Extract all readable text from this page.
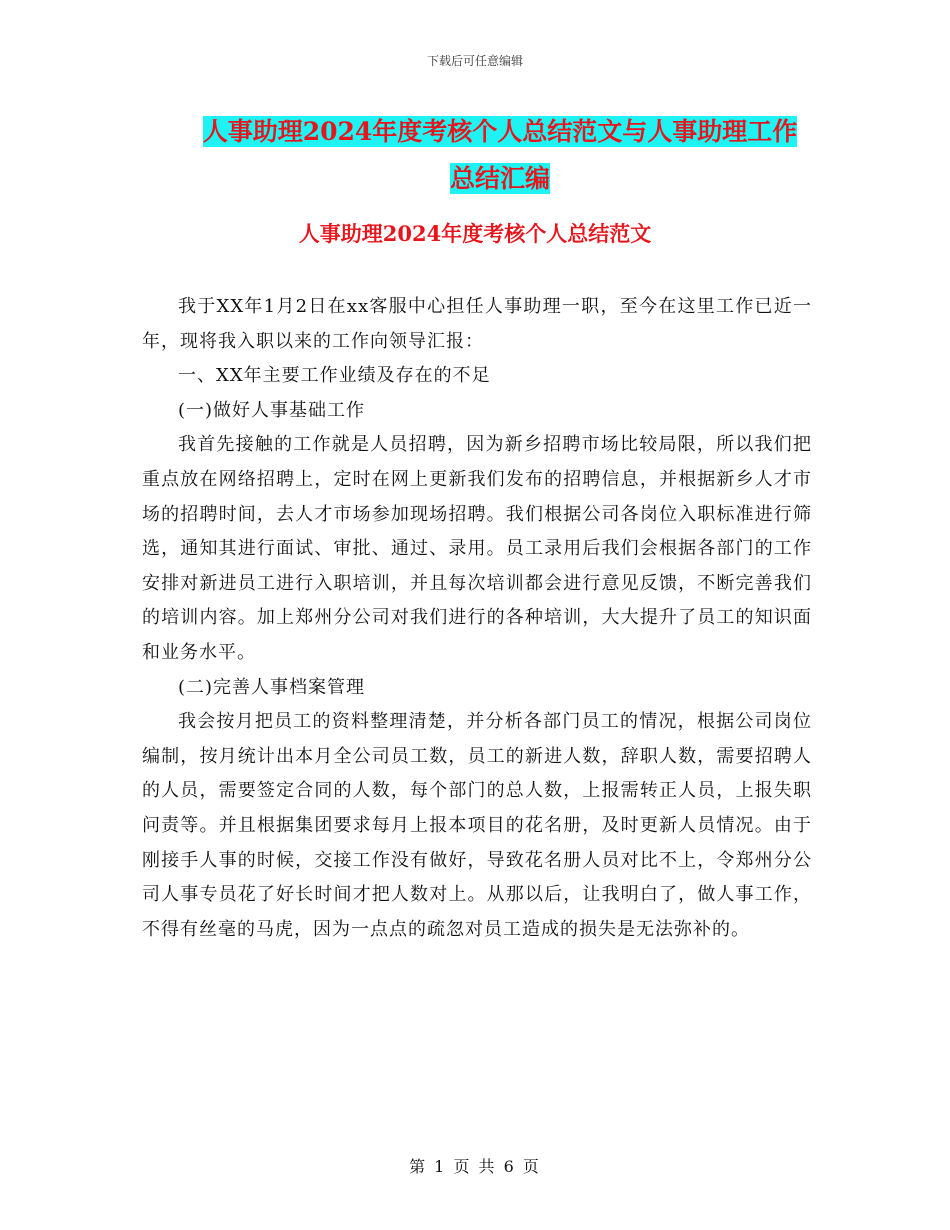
下载后可任意编辑
人事助理2024年度考核个人总结范文与人事助理工作
总结汇编
人事助理2024年度考核个人总结范文

我于XX年1月2日在xx客服中心担任人事助理一职，至今在这里工作已近一年，现将我入职以来的工作向领导汇报：

一、XX年主要工作业绩及存在的不足

(一)做好人事基础工作

我首先接触的工作就是人员招聘，因为新乡招聘市场比较局限，所以我们把重点放在网络招聘上，定时在网上更新我们发布的招聘信息，并根据新乡人才市场的招聘时间，去人才市场参加现场招聘。我们根据公司各岗位入职标准进行筛选，通知其进行面试、审批、通过、录用。员工录用后我们会根据各部门的工作安排对新进员工进行入职培训，并且每次培训都会进行意见反馈，不断完善我们的培训内容。加上郑州分公司对我们进行的各种培训，大大提升了员工的知识面和业务水平。

(二)完善人事档案管理

我会按月把员工的资料整理清楚，并分析各部门员工的情况，根据公司岗位编制，按月统计出本月全公司员工数，员工的新进人数，辞职人数，需要招聘人的人员，需要签定合同的人数，每个部门的总人数，上报需转正人员，上报失职问责等。并且根据集团要求每月上报本项目的花名册，及时更新人员情况。由于刚接手人事的时候，交接工作没有做好，导致花名册人员对比不上，令郑州分公司人事专员花了好长时间才把人数对上。从那以后，让我明白了，做人事工作，不得有丝毫的马虎，因为一点点的疏忽对员工造成的损失是无法弥补的。

第 1 页 共 6 页
